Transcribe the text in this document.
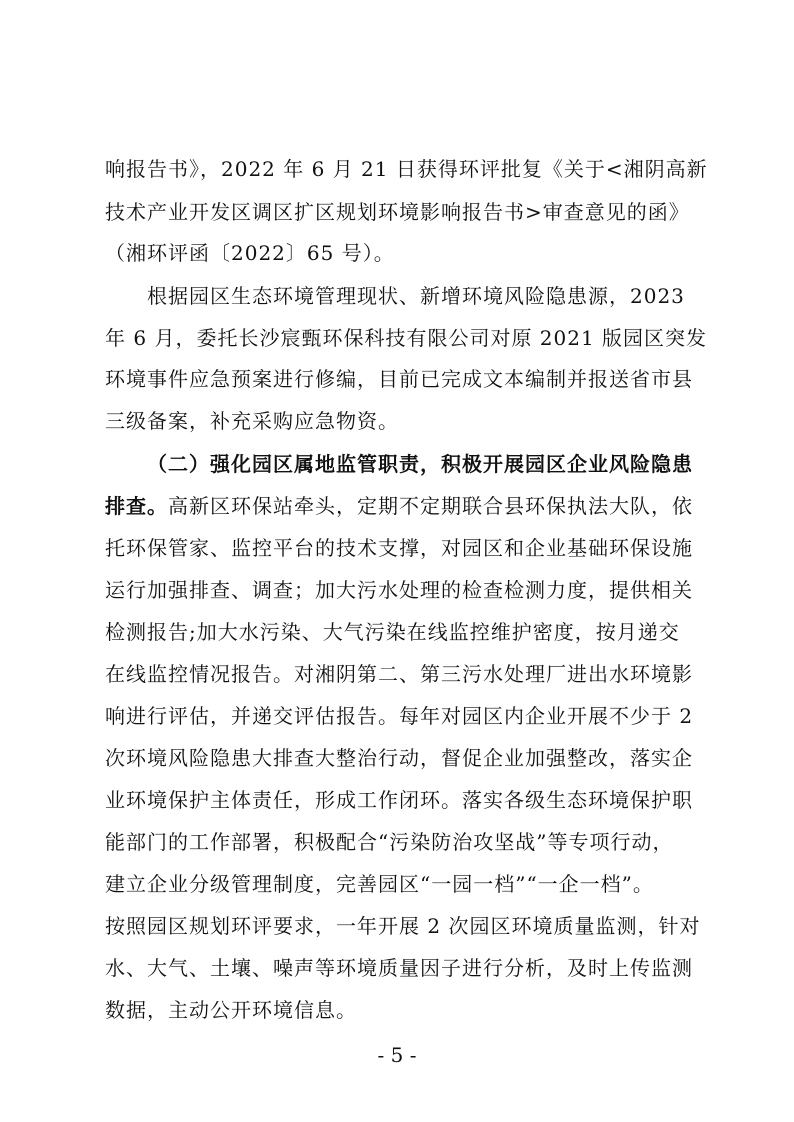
响报告书》，2022 年 6 月 21 日获得环评批复《关于<湘阴高新
技术产业开发区调区扩区规划环境影响报告书>审查意见的函》
（湘环评函〔2022〕65 号）。
根据园区生态环境管理现状、新增环境风险隐患源，2023
年 6 月，委托长沙宸甄环保科技有限公司对原 2021 版园区突发
环境事件应急预案进行修编，目前已完成文本编制并报送省市县
三级备案，补充采购应急物资。
（二）强化园区属地监管职责，积极开展园区企业风险隐患
排查。高新区环保站牵头，定期不定期联合县环保执法大队，依
托环保管家、监控平台的技术支撑，对园区和企业基础环保设施
运行加强排查、调查；加大污水处理的检查检测力度，提供相关
检测报告;加大水污染、大气污染在线监控维护密度，按月递交
在线监控情况报告。对湘阴第二、第三污水处理厂进出水环境影
响进行评估，并递交评估报告。每年对园区内企业开展不少于 2
次环境风险隐患大排查大整治行动，督促企业加强整改，落实企
业环境保护主体责任，形成工作闭环。落实各级生态环境保护职
能部门的工作部署，积极配合“污染防治攻坚战”等专项行动，
建立企业分级管理制度，完善园区“一园一档”“一企一档”。
按照园区规划环评要求，一年开展 2 次园区环境质量监测，针对
水、大气、土壤、噪声等环境质量因子进行分析，及时上传监测
数据，主动公开环境信息。
- 5 -
